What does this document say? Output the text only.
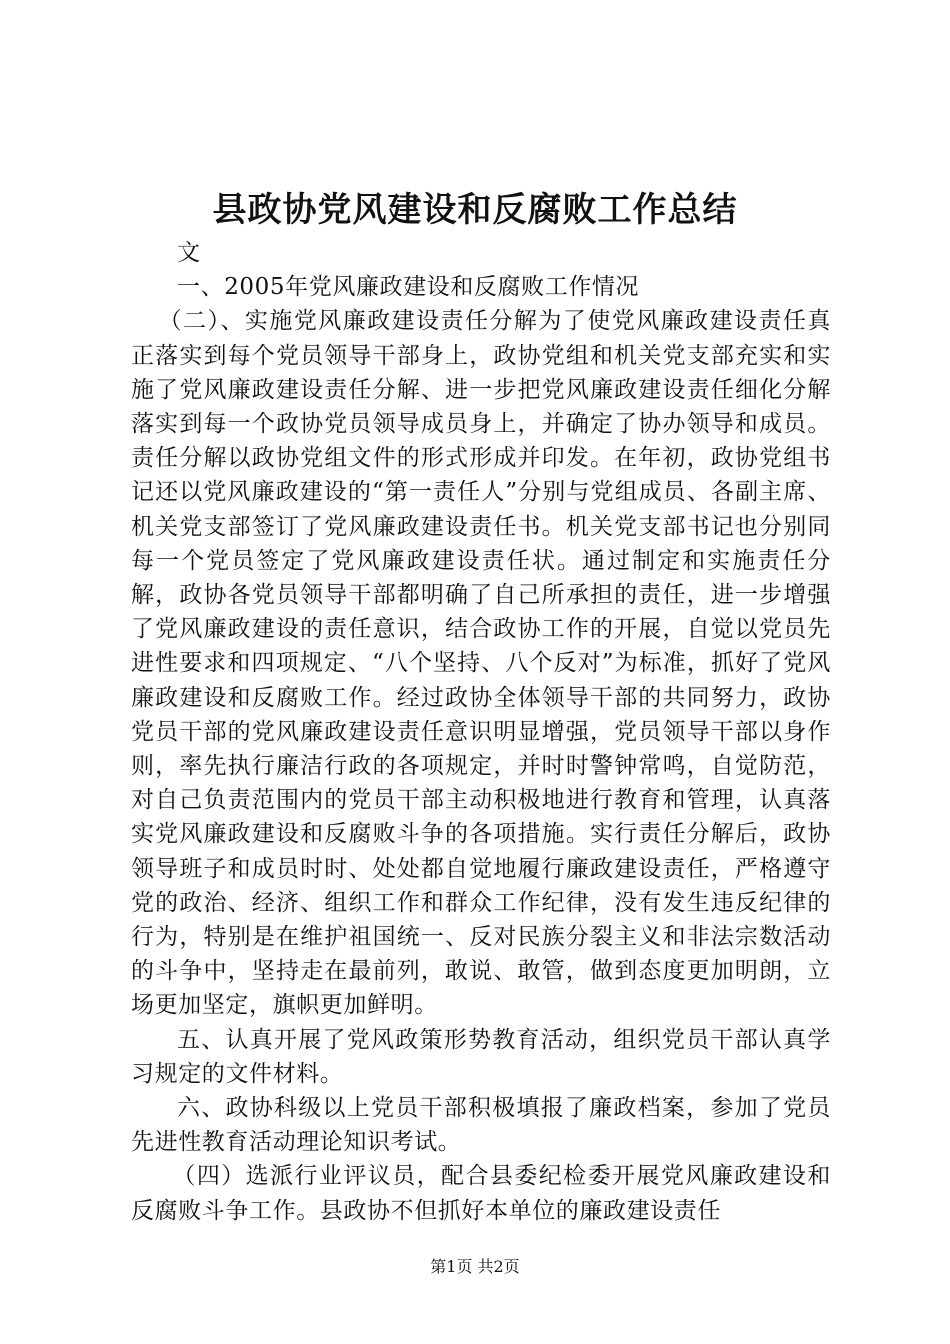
县政协党风建设和反腐败工作总结

文

一、2005年党风廉政建设和反腐败工作情况

（二）、实施党风廉政建设责任分解为了使党风廉政建设责任真正落实到每个党员领导干部身上，政协党组和机关党支部充实和实施了党风廉政建设责任分解、进一步把党风廉政建设责任细化分解落实到每一个政协党员领导成员身上，并确定了协办领导和成员。责任分解以政协党组文件的形式形成并印发。在年初，政协党组书记还以党风廉政建设的“第一责任人”分别与党组成员、各副主席、机关党支部签订了党风廉政建设责任书。机关党支部书记也分别同每一个党员签定了党风廉政建设责任状。通过制定和实施责任分解，政协各党员领导干部都明确了自己所承担的责任，进一步增强了党风廉政建设的责任意识，结合政协工作的开展，自觉以党员先进性要求和四项规定、“八个坚持、八个反对”为标准，抓好了党风廉政建设和反腐败工作。经过政协全体领导干部的共同努力，政协党员干部的党风廉政建设责任意识明显增强，党员领导干部以身作则，率先执行廉洁行政的各项规定，并时时警钟常鸣，自觉防范，对自己负责范围内的党员干部主动积极地进行教育和管理，认真落实党风廉政建设和反腐败斗争的各项措施。实行责任分解后，政协领导班子和成员时时、处处都自觉地履行廉政建设责任，严格遵守党的政治、经济、组织工作和群众工作纪律，没有发生违反纪律的行为，特别是在维护祖国统一、反对民族分裂主义和非法宗数活动的斗争中，坚持走在最前列，敢说、敢管，做到态度更加明朗，立场更加坚定，旗帜更加鲜明。

五、认真开展了党风政策形势教育活动，组织党员干部认真学习规定的文件材料。

六、政协科级以上党员干部积极填报了廉政档案，参加了党员先进性教育活动理论知识考试。

（四）选派行业评议员，配合县委纪检委开展党风廉政建设和反腐败斗争工作。县政协不但抓好本单位的廉政建设责任

第1页 共2页
